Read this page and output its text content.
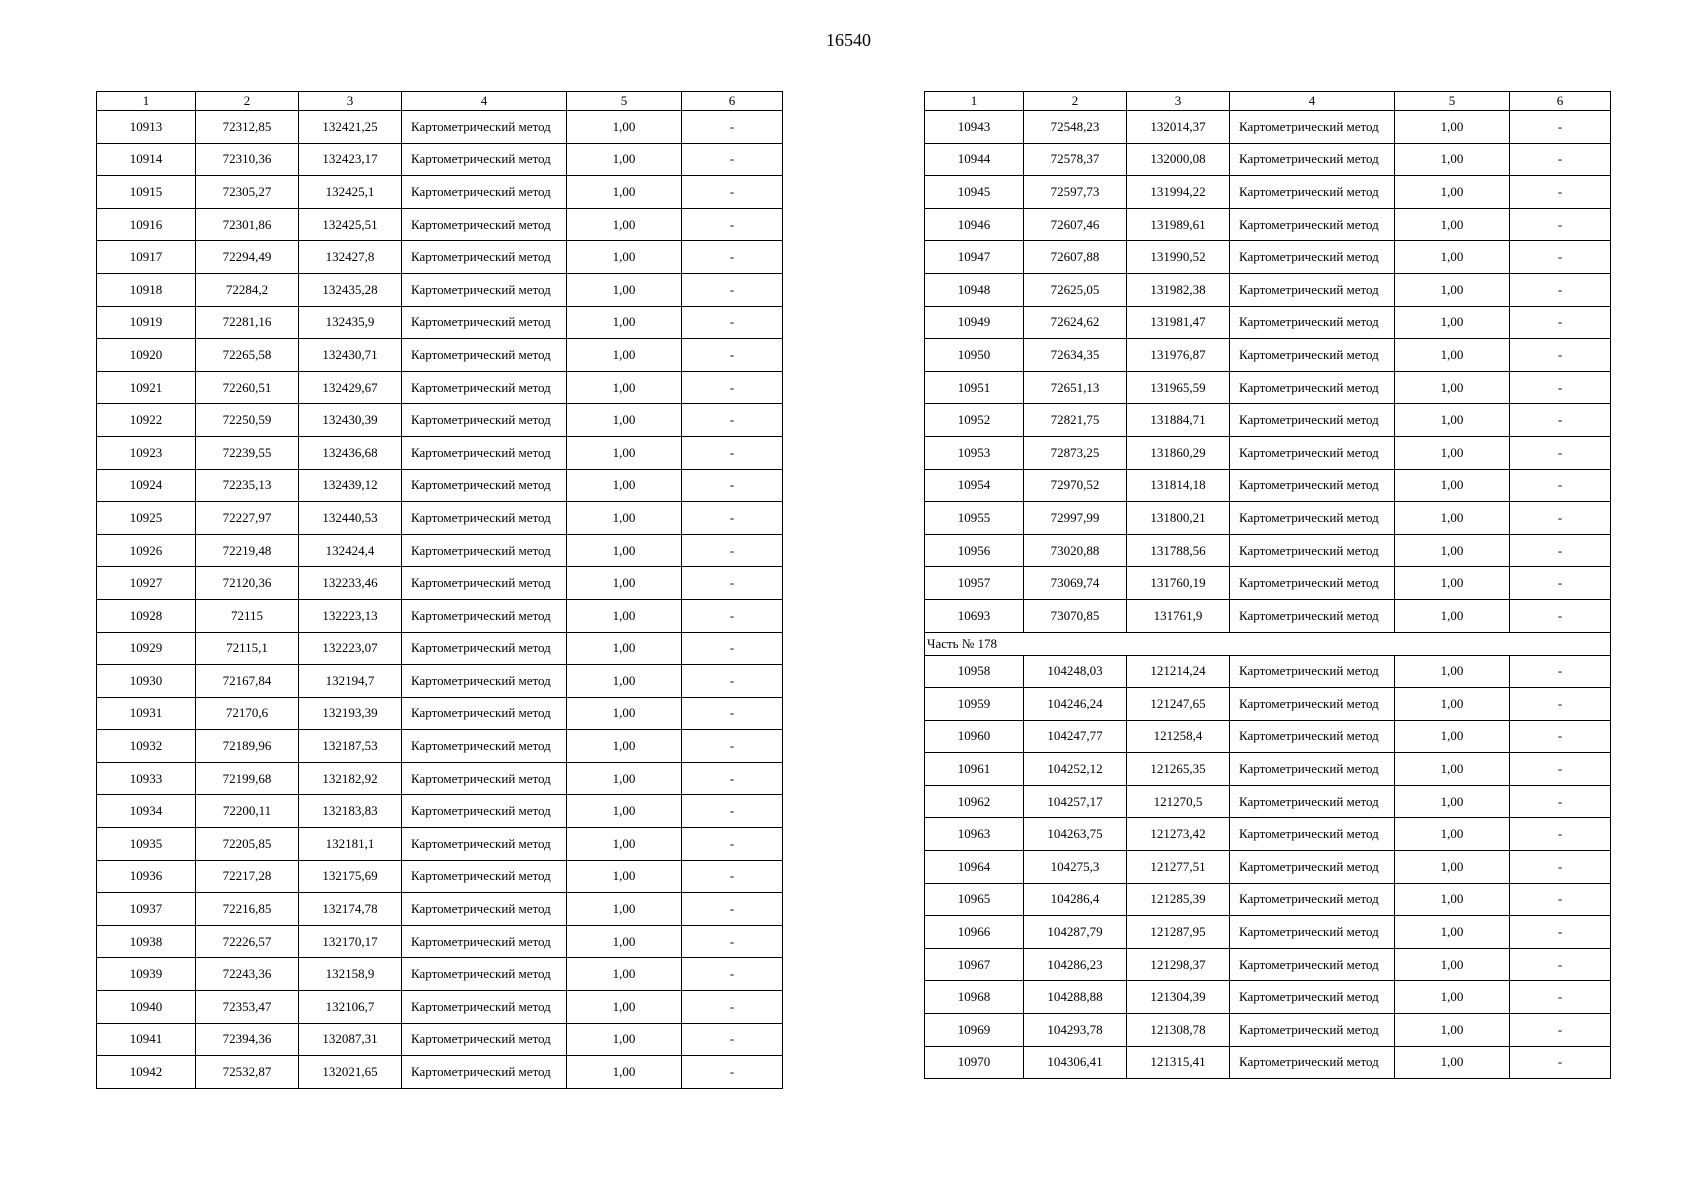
16540
1	2	3	4	5	6
10913	72312,85	132421,25	Картометрический метод	1,00	-
10914	72310,36	132423,17	Картометрический метод	1,00	-
10915	72305,27	132425,1	Картометрический метод	1,00	-
10916	72301,86	132425,51	Картометрический метод	1,00	-
10917	72294,49	132427,8	Картометрический метод	1,00	-
10918	72284,2	132435,28	Картометрический метод	1,00	-
10919	72281,16	132435,9	Картометрический метод	1,00	-
10920	72265,58	132430,71	Картометрический метод	1,00	-
10921	72260,51	132429,67	Картометрический метод	1,00	-
10922	72250,59	132430,39	Картометрический метод	1,00	-
10923	72239,55	132436,68	Картометрический метод	1,00	-
10924	72235,13	132439,12	Картометрический метод	1,00	-
10925	72227,97	132440,53	Картометрический метод	1,00	-
10926	72219,48	132424,4	Картометрический метод	1,00	-
10927	72120,36	132233,46	Картометрический метод	1,00	-
10928	72115	132223,13	Картометрический метод	1,00	-
10929	72115,1	132223,07	Картометрический метод	1,00	-
10930	72167,84	132194,7	Картометрический метод	1,00	-
10931	72170,6	132193,39	Картометрический метод	1,00	-
10932	72189,96	132187,53	Картометрический метод	1,00	-
10933	72199,68	132182,92	Картометрический метод	1,00	-
10934	72200,11	132183,83	Картометрический метод	1,00	-
10935	72205,85	132181,1	Картометрический метод	1,00	-
10936	72217,28	132175,69	Картометрический метод	1,00	-
10937	72216,85	132174,78	Картометрический метод	1,00	-
10938	72226,57	132170,17	Картометрический метод	1,00	-
10939	72243,36	132158,9	Картометрический метод	1,00	-
10940	72353,47	132106,7	Картометрический метод	1,00	-
10941	72394,36	132087,31	Картометрический метод	1,00	-
10942	72532,87	132021,65	Картометрический метод	1,00	-
1	2	3	4	5	6
10943	72548,23	132014,37	Картометрический метод	1,00	-
10944	72578,37	132000,08	Картометрический метод	1,00	-
10945	72597,73	131994,22	Картометрический метод	1,00	-
10946	72607,46	131989,61	Картометрический метод	1,00	-
10947	72607,88	131990,52	Картометрический метод	1,00	-
10948	72625,05	131982,38	Картометрический метод	1,00	-
10949	72624,62	131981,47	Картометрический метод	1,00	-
10950	72634,35	131976,87	Картометрический метод	1,00	-
10951	72651,13	131965,59	Картометрический метод	1,00	-
10952	72821,75	131884,71	Картометрический метод	1,00	-
10953	72873,25	131860,29	Картометрический метод	1,00	-
10954	72970,52	131814,18	Картометрический метод	1,00	-
10955	72997,99	131800,21	Картометрический метод	1,00	-
10956	73020,88	131788,56	Картометрический метод	1,00	-
10957	73069,74	131760,19	Картометрический метод	1,00	-
10693	73070,85	131761,9	Картометрический метод	1,00	-
Часть № 178					
10958	104248,03	121214,24	Картометрический метод	1,00	-
10959	104246,24	121247,65	Картометрический метод	1,00	-
10960	104247,77	121258,4	Картометрический метод	1,00	-
10961	104252,12	121265,35	Картометрический метод	1,00	-
10962	104257,17	121270,5	Картометрический метод	1,00	-
10963	104263,75	121273,42	Картометрический метод	1,00	-
10964	104275,3	121277,51	Картометрический метод	1,00	-
10965	104286,4	121285,39	Картометрический метод	1,00	-
10966	104287,79	121287,95	Картометрический метод	1,00	-
10967	104286,23	121298,37	Картометрический метод	1,00	-
10968	104288,88	121304,39	Картометрический метод	1,00	-
10969	104293,78	121308,78	Картометрический метод	1,00	-
10970	104306,41	121315,41	Картометрический метод	1,00	-
